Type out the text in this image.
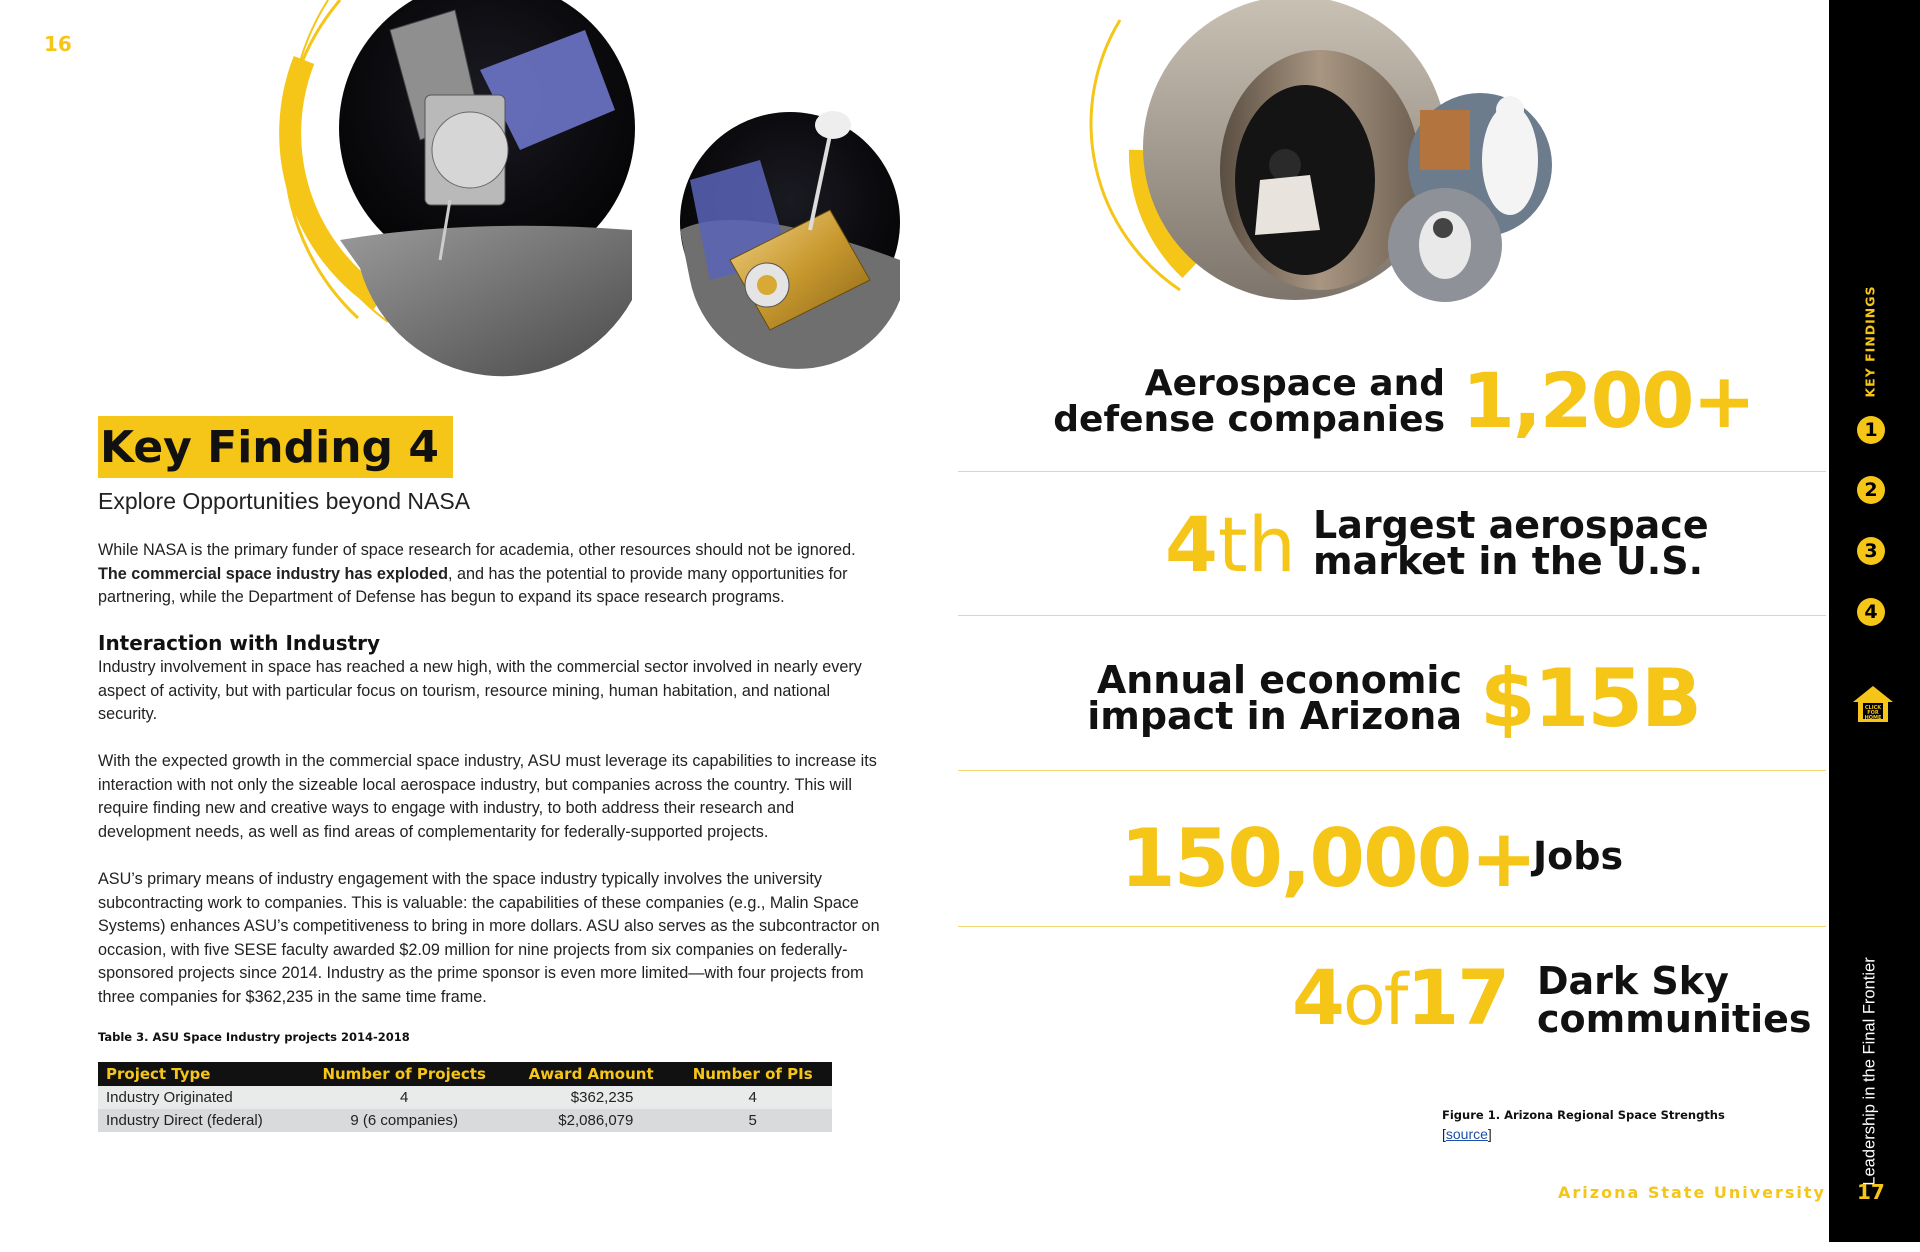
16
Key Finding 4
Explore Opportunities beyond NASA

While NASA is the primary funder of space research for academia, other resources should not be ignored. The commercial space industry has exploded, and has the potential to provide many opportunities for partnering, while the Department of Defense has begun to expand its space research programs.

Interaction with Industry

Industry involvement in space has reached a new high, with the commercial sector involved in nearly every aspect of activity, but with particular focus on tourism, resource mining, human habitation, and national security.

With the expected growth in the commercial space industry, ASU must leverage its capabilities to increase its interaction with not only the sizeable local aerospace industry, but companies across the country. This will require finding new and creative ways to engage with industry, to both address their research and development needs, as well as find areas of complementarity for federally-supported projects.

ASU’s primary means of industry engagement with the space industry typically involves the university subcontracting work to companies. This is valuable: the capabilities of these companies (e.g., Malin Space Systems) enhances ASU’s competitiveness to bring in more dollars. ASU also serves as the subcontractor on occasion, with five SESE faculty awarded $2.09 million for nine projects from six companies on federally-sponsored projects since 2014. Industry as the prime sponsor is even more limited—with four projects from three companies for $362,235 in the same time frame.

Table 3. ASU Space Industry projects 2014-2018
Project Type	Number of Projects	Award Amount	Number of PIs
Industry Originated	4	$362,235	4
Industry Direct (federal)	9 (6 companies)	$2,086,079	5
Aerospace and
defense companies 1,200+
4th Largest aerospace
market in the U.S.
Annual economic
impact in Arizona $15B
150,000+
Jobs
4of17 Dark Sky
communities
Figure 1. Arizona Regional Space Strengths
[source]
Arizona State University
KEY FINDINGS
1
2
3
4
CLICK
FOR
HOME
Leadership in the Final Frontier
17
